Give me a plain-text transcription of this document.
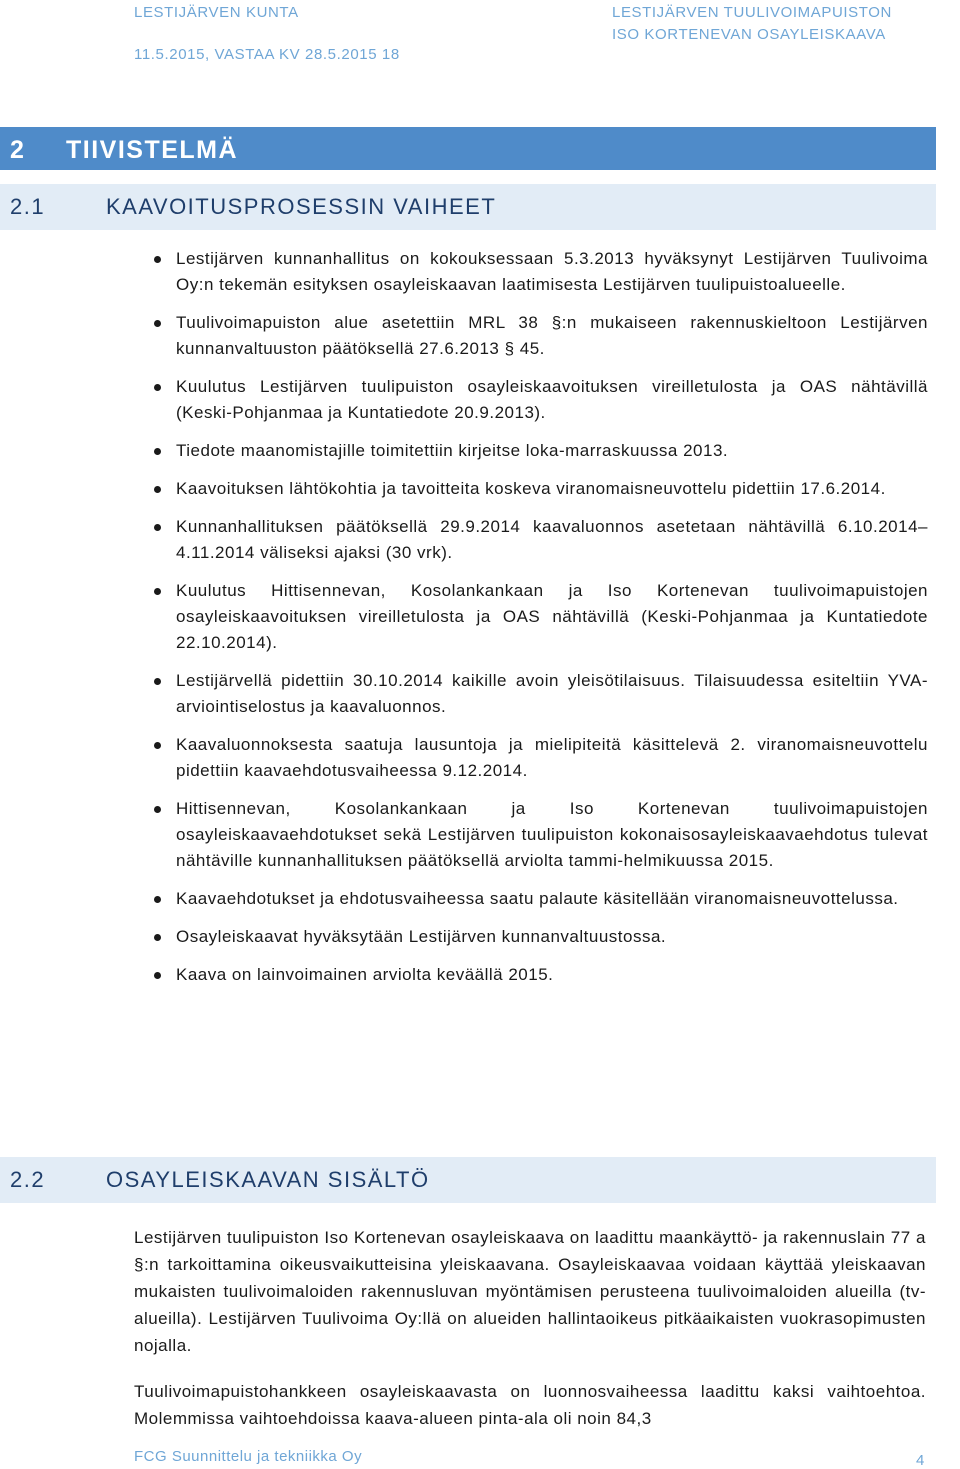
LESTIJÄRVEN KUNTA
11.5.2015, VASTAA KV 28.5.2015 18
LESTIJÄRVEN TUULIVOIMAPUISTON
ISO KORTENEVAN OSAYLEISKAAVA
2 TIIVISTELMÄ
2.1	KAAVOITUSPROSESSIN VAIHEET
Lestijärven kunnanhallitus on kokouksessaan 5.3.2013 hyväksynyt Lestijärven Tuulivoima Oy:n tekemän esityksen osayleiskaavan laatimisesta Lestijärven tuulipuistoalueelle.
Tuulivoimapuiston alue asetettiin MRL 38 §:n mukaiseen rakennuskieltoon Lestijärven kunnanvaltuuston päätöksellä 27.6.2013 § 45.
Kuulutus Lestijärven tuulipuiston osayleiskaavoituksen vireilletulosta ja OAS nähtävillä (Keski-Pohjanmaa ja Kuntatiedote 20.9.2013).
Tiedote maanomistajille toimitettiin kirjeitse loka-marraskuussa 2013.
Kaavoituksen lähtökohtia ja tavoitteita koskeva viranomaisneuvottelu pidettiin 17.6.2014.
Kunnanhallituksen päätöksellä 29.9.2014 kaavaluonnos asetetaan nähtävillä 6.10.2014–4.11.2014 väliseksi ajaksi (30 vrk).
Kuulutus Hittisennevan, Kosolankankaan ja Iso Kortenevan tuulivoimapuistojen osayleiskaavoituksen vireilletulosta ja OAS nähtävillä (Keski-Pohjanmaa ja Kuntatiedote 22.10.2014).
Lestijärvellä pidettiin 30.10.2014 kaikille avoin yleisötilaisuus. Tilaisuudessa esiteltiin YVA-arviointiselostus ja kaavaluonnos.
Kaavaluonnoksesta saatuja lausuntoja ja mielipiteitä käsittelevä 2. viranomaisneuvottelu pidettiin kaavaehdotusvaiheessa 9.12.2014.
Hittisennevan, Kosolankankaan ja Iso Kortenevan tuulivoimapuistojen osayleiskaavaehdotukset sekä Lestijärven tuulipuiston kokonaisosayleiskaavaehdotus tulevat nähtäville kunnanhallituksen päätöksellä arviolta tammi-helmikuussa 2015.
Kaavaehdotukset ja ehdotusvaiheessa saatu palaute käsitellään viranomaisneuvottelussa.
Osayleiskaavat hyväksytään Lestijärven kunnanvaltuustossa.
Kaava on lainvoimainen arviolta keväällä 2015.
2.2	OSAYLEISKAAVAN SISÄLTÖ
Lestijärven tuulipuiston Iso Kortenevan osayleiskaava on laadittu maankäyttö- ja rakennuslain 77 a §:n tarkoittamina oikeusvaikutteisina yleiskaavana. Osayleiskaavaa voidaan käyttää yleiskaavan mukaisten tuulivoimaloiden rakennusluvan myöntämisen perusteena tuulivoimaloiden alueilla (tv-alueilla). Lestijärven Tuulivoima Oy:llä on alueiden hallintaoikeus pitkäaikaisten vuokrasopimusten nojalla.
Tuulivoimapuistohankkeen osayleiskaavasta on luonnosvaiheessa laadittu kaksi vaihtoehtoa. Molemmissa vaihtoehdoissa kaava-alueen pinta-ala oli noin 84,3
FCG Suunnittelu ja tekniikka Oy	4
